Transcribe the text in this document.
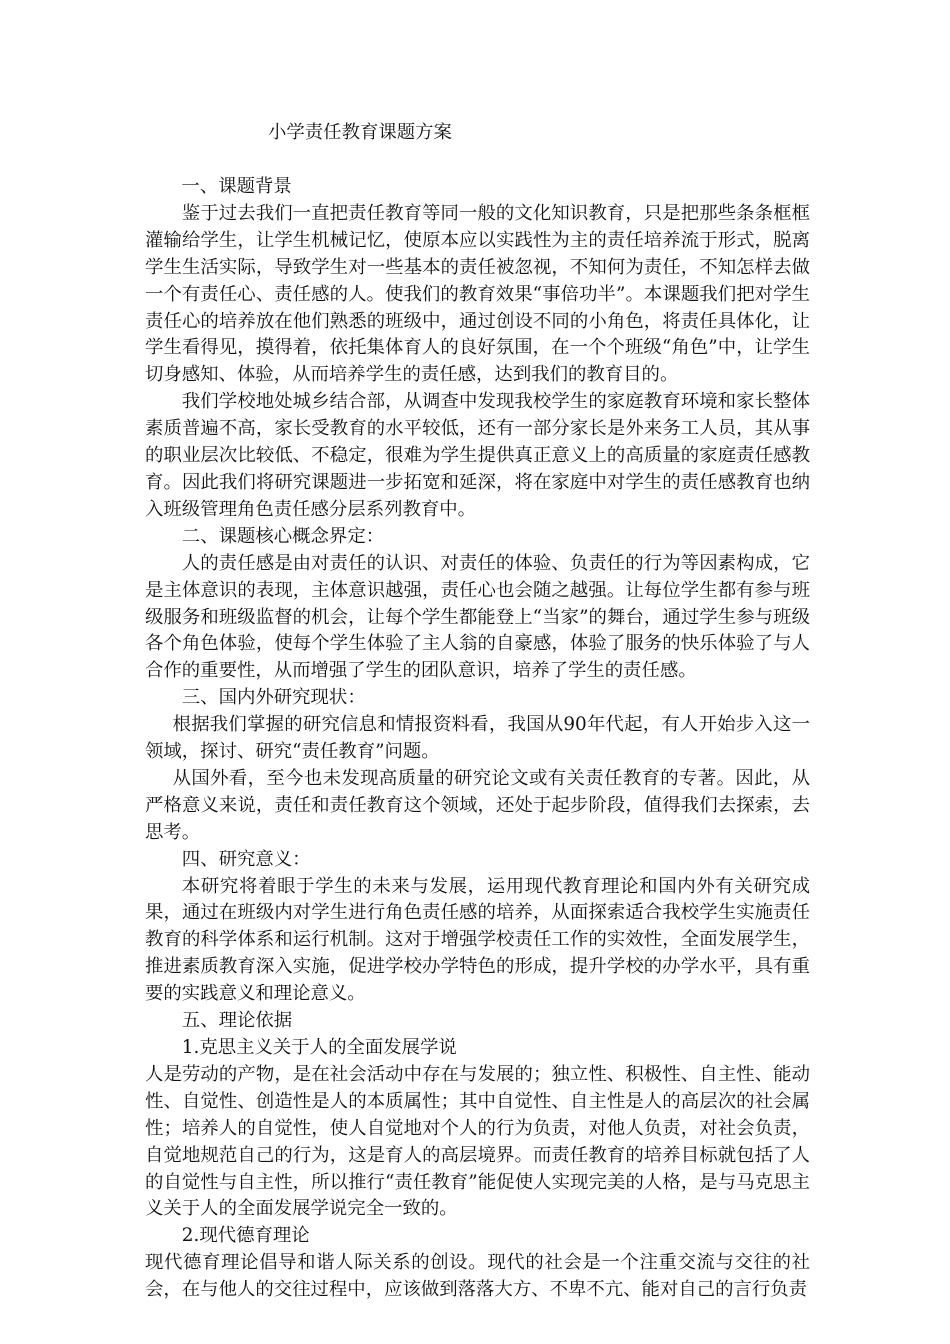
小学责任教育课题方案

一、课题背景

鉴于过去我们一直把责任教育等同一般的文化知识教育，只是把那些条条框框灌输给学生，让学生机械记忆，使原本应以实践性为主的责任培养流于形式，脱离学生生活实际，导致学生对一些基本的责任被忽视，不知何为责任，不知怎样去做一个有责任心、责任感的人。使我们的教育效果“事倍功半”。本课题我们把对学生责任心的培养放在他们熟悉的班级中，通过创设不同的小角色，将责任具体化，让学生看得见，摸得着，依托集体育人的良好氛围，在一个个班级“角色”中，让学生切身感知、体验，从而培养学生的责任感，达到我们的教育目的。

我们学校地处城乡结合部，从调查中发现我校学生的家庭教育环境和家长整体素质普遍不高，家长受教育的水平较低，还有一部分家长是外来务工人员，其从事的职业层次比较低、不稳定，很难为学生提供真正意义上的高质量的家庭责任感教育。因此我们将研究课题进一步拓宽和延深，将在家庭中对学生的责任感教育也纳入班级管理角色责任感分层系列教育中。

二、课题核心概念界定：

人的责任感是由对责任的认识、对责任的体验、负责任的行为等因素构成，它是主体意识的表现，主体意识越强，责任心也会随之越强。让每位学生都有参与班级服务和班级监督的机会，让每个学生都能登上“当家”的舞台，通过学生参与班级各个角色体验，使每个学生体验了主人翁的自豪感，体验了服务的快乐体验了与人合作的重要性，从而增强了学生的团队意识，培养了学生的责任感。

三、国内外研究现状：

根据我们掌握的研究信息和情报资料看，我国从90年代起，有人开始步入这一领域，探讨、研究“责任教育”问题。

从国外看，至今也未发现高质量的研究论文或有关责任教育的专著。因此，从严格意义来说，责任和责任教育这个领域，还处于起步阶段，值得我们去探索，去思考。

四、研究意义：

本研究将着眼于学生的未来与发展，运用现代教育理论和国内外有关研究成果，通过在班级内对学生进行角色责任感的培养，从面探索适合我校学生实施责任教育的科学体系和运行机制。这对于增强学校责任工作的实效性，全面发展学生，推进素质教育深入实施，促进学校办学特色的形成，提升学校的办学水平，具有重要的实践意义和理论意义。

五、理论依据

1.克思主义关于人的全面发展学说

人是劳动的产物，是在社会活动中存在与发展的；独立性、积极性、自主性、能动性、自觉性、创造性是人的本质属性；其中自觉性、自主性是人的高层次的社会属性；培养人的自觉性，使人自觉地对个人的行为负责，对他人负责，对社会负责，自觉地规范自己的行为，这是育人的高层境界。而责任教育的培养目标就包括了人的自觉性与自主性，所以推行“责任教育”能促使人实现完美的人格，是与马克思主义关于人的全面发展学说完全一致的。

2.现代德育理论

现代德育理论倡导和谐人际关系的创设。现代的社会是一个注重交流与交往的社会，在与他人的交往过程中，应该做到落落大方、不卑不亢、能对自己的言行负责
